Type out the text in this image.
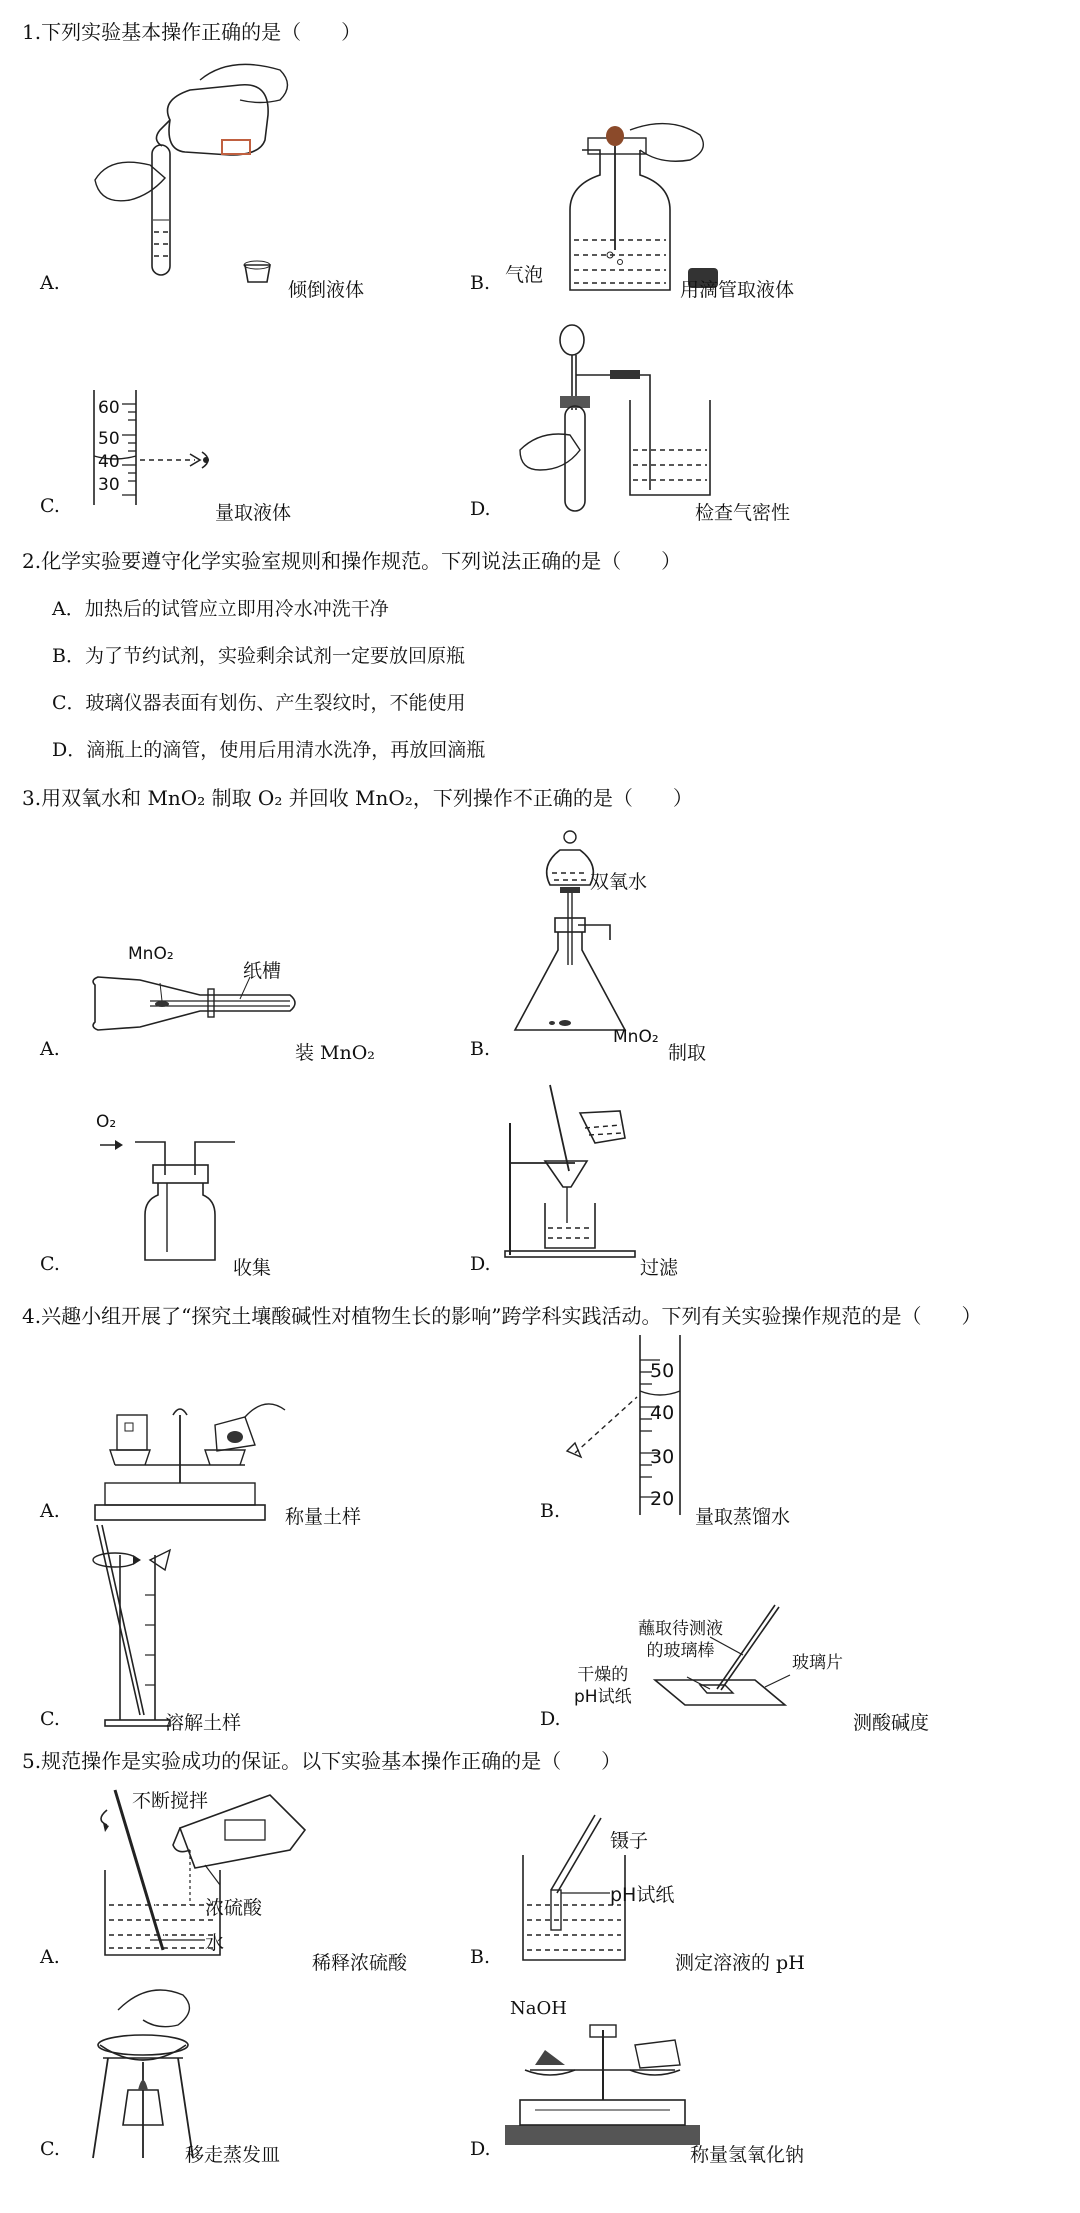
1.下列实验基本操作正确的是（　　）
A.	倾倒液体	B. 气泡
用滴管取液体
C.
60
50
40
30
量取液体	D.	检查气密性
2.化学实验要遵守化学实验室规则和操作规范。下列说法正确的是（　　）
A．加热后的试管应立即用冷水冲洗干净
B．为了节约试剂，实验剩余试剂一定要放回原瓶
C．玻璃仪器表面有划伤、产生裂纹时，不能使用
D．滴瓶上的滴管，使用后用清水洗净，再放回滴瓶
3.用双氧水和 MnO₂ 制取 O₂ 并回收 MnO₂，下列操作不正确的是（　　）
A.
MnO₂
纸槽
装 MnO₂	B.
双氧水
MnO₂
制取
C.
O₂
收集	D.	过滤
4.兴趣小组开展了“探究土壤酸碱性对植物生长的影响”跨学科实践活动。下列有关实验操作规范的是（　　）
A.	称量土样	B.
50
40
30
20
量取蒸馏水
C.	溶解土样	D.
蘸取待测液
的玻璃棒
玻璃片
干燥的
pH试纸
测酸碱度
5.规范操作是实验成功的保证。以下实验基本操作正确的是（　　）
A.
不断搅拌
浓硫酸
水
稀释浓硫酸	B.
镊子
pH试纸
测定溶液的 pH
C.	移走蒸发皿	D.
NaOH
称量氢氧化钠
